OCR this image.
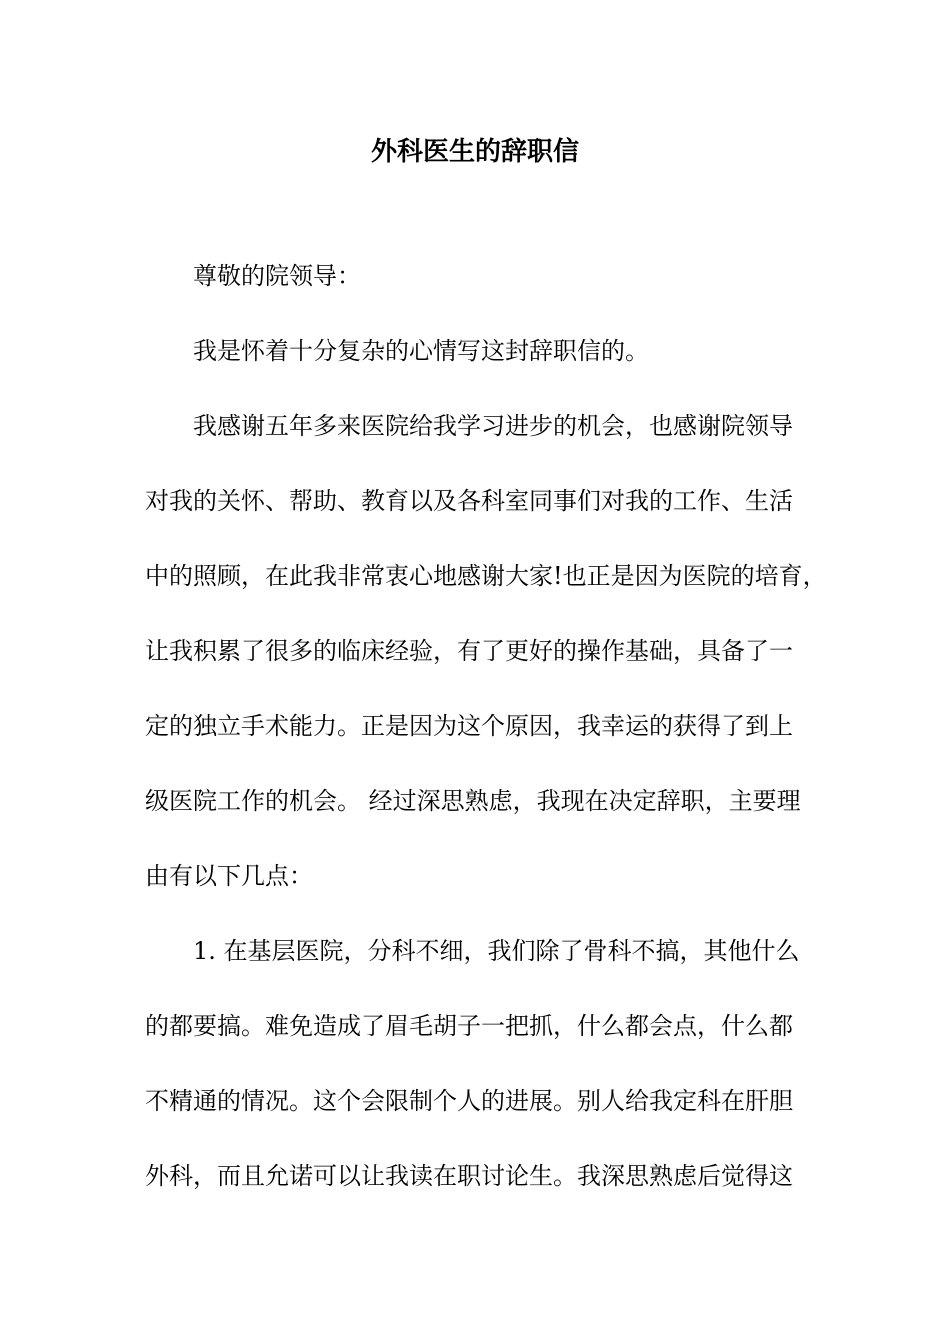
外科医生的辞职信
尊敬的院领导：
我是怀着十分复杂的心情写这封辞职信的。
我感谢五年多来医院给我学习进步的机会，也感谢院领导
对我的关怀、帮助、教育以及各科室同事们对我的工作、生活
中的照顾，在此我非常衷心地感谢大家!也正是因为医院的培育，
让我积累了很多的临床经验，有了更好的操作基础，具备了一
定的独立手术能力。正是因为这个原因，我幸运的获得了到上
级医院工作的机会。 经过深思熟虑，我现在决定辞职，主要理
由有以下几点：
1. 在基层医院，分科不细，我们除了骨科不搞，其他什么
的都要搞。难免造成了眉毛胡子一把抓，什么都会点，什么都
不精通的情况。这个会限制个人的进展。别人给我定科在肝胆
外科，而且允诺可以让我读在职讨论生。我深思熟虑后觉得这
